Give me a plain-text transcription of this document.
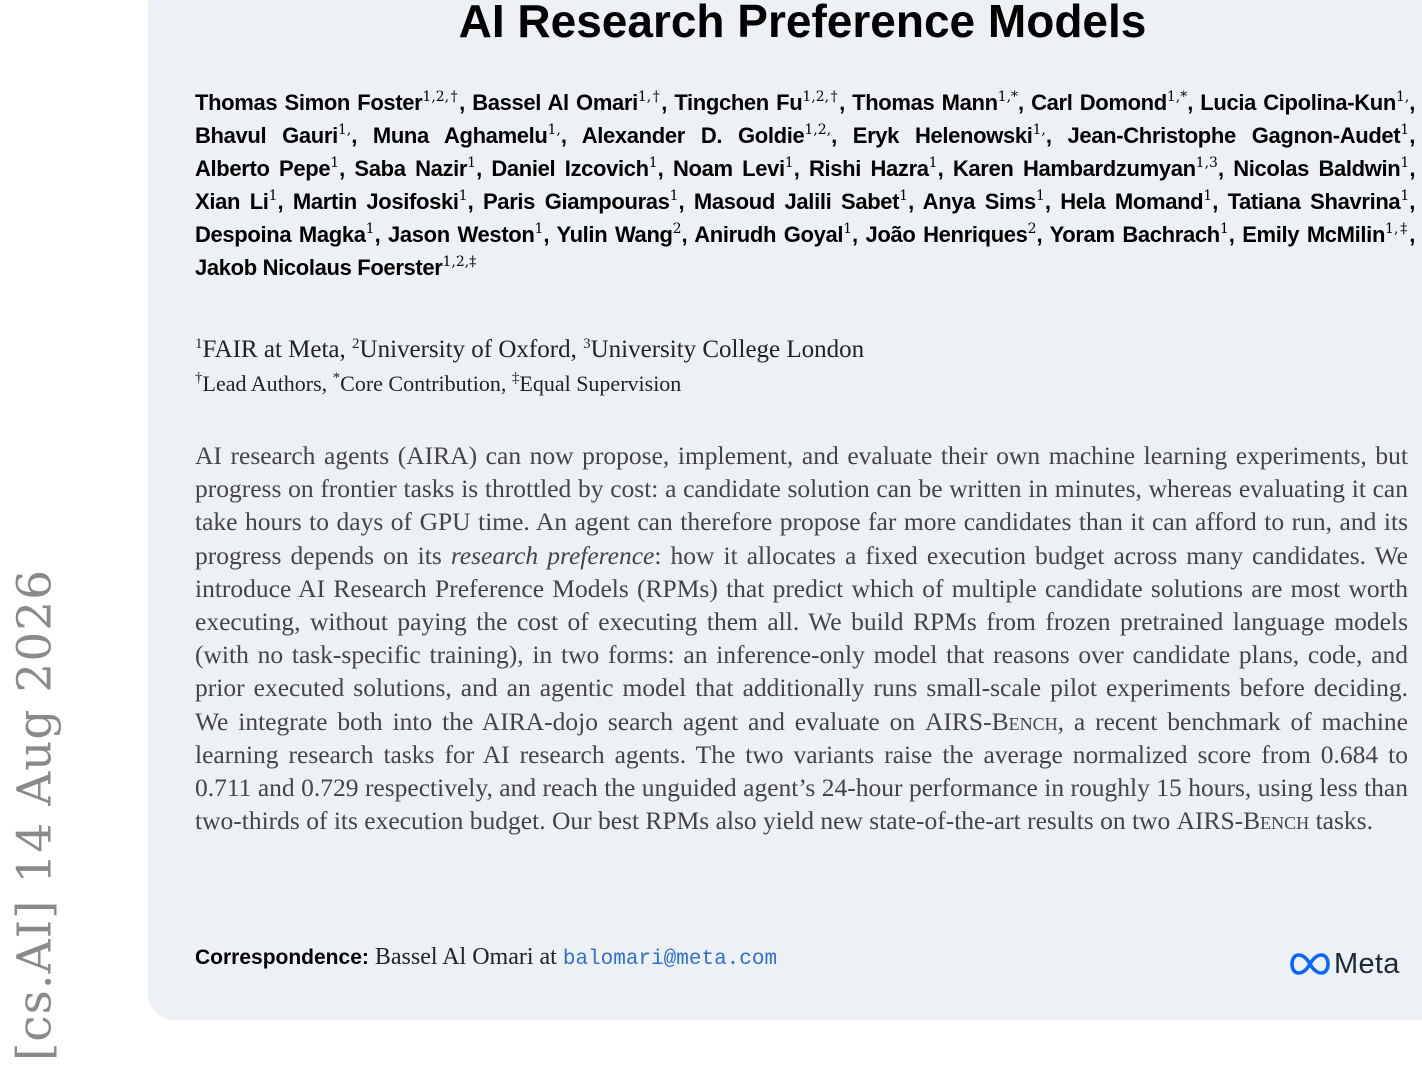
[cs.AI] 14 Aug 2026
AI Research Preference Models
Thomas Simon Foster$^{1,2,\dagger}$, Bassel Al Omari$^{1,\dagger}$, Tingchen $Fu^{1,2,\dagger}$, Thomas Mann$^{1,*}$, Carl Domond$^{1,*}$, Lucia Cipolina-Kun$^{1,}$, Bhavul Gauri$^{1,}$, Muna Aghamelu$^{1,}$, Alexander D. Goldie$^{1,2,}$, Eryk Helenowski$^{1,}$, Jean-Christophe Gagnon-Audet$^1$, Alberto Pepe$^1$, Saba Nazir$^1$, Daniel Izcovich$^1$, Noam Levi$^1$, Rishi Hazra$^1$, Karen Hambardzumyan$^{1,3}$, Nicolas Baldwin$^1$, Xian Li$^1$, Martin Josifoski$^1$, Paris Giampouras$^1$, Masoud Jalili Sabet$^1$, Anya Sims$^1$, Hela Momand$^1$, Tatiana Shavrina$^1$, Despoina Magka$^1$, Jason Weston$^1$, Yulin Wang$^2$, Anirudh Goyal$^1$, João Henriques$^2$, Yoram Bachrach$^1$, Emily McMilin$^{1,\ddagger}$, Jakob Nicolaus Foerster$^{1,2,\ddagger}$
$^1$FAIR at Meta, $^2$University of Oxford, $^3$University College London
†Lead Authors, *Core Contribution, ‡Equal Supervision

AI research agents (AIRA) can now propose, implement, and evaluate their own machine learning experiments, but progress on frontier tasks is throttled by cost: a candidate solution can be written in minutes, whereas evaluating it can take hours to days of GPU time. An agent can therefore propose far more candidates than it can afford to run, and its progress depends on its research preference: how it allocates a fixed execution budget across many candidates. We introduce AI Research Preference Models (RPMs) that predict which of multiple candidate solutions are most worth executing, without paying the cost of executing them all. We build RPMs from frozen pretrained language models (with no task-specific training), in two forms: an inference-only model that reasons over candidate plans, code, and prior executed solutions, and an agentic model that additionally runs small-scale pilot experiments before deciding. We integrate both into the AIRA-dojo search agent and evaluate on AIRS-Bench, a recent benchmark of machine learning research tasks for AI research agents. The two variants raise the average normalized score from 0.684 to 0.711 and 0.729 respectively, and reach the unguided agent’s 24-hour performance in roughly 15 hours, using less than two-thirds of its execution budget. Our best RPMs also yield new state-of-the-art results on two AIRS-Bench tasks.

Correspondence: Bassel Al Omari at balomari@meta.com	Meta
